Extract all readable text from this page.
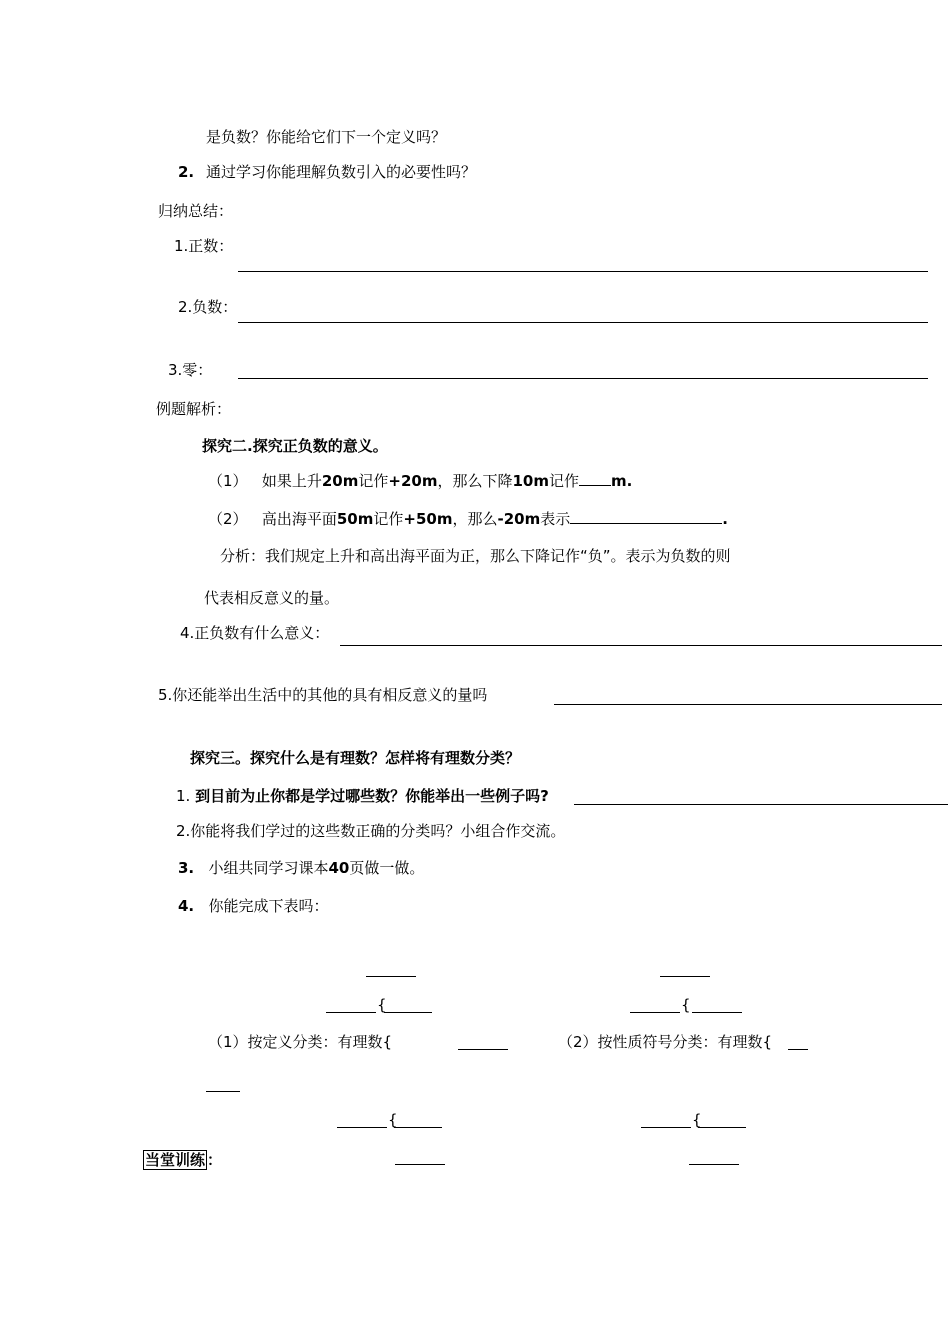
是负数？你能给它们下一个定义吗？
2. 通过学习你能理解负数引入的必要性吗？
归纳总结：
1.正数：
2.负数：
3.零：
例题解析：
探究二.探究正负数的意义。
（1） 如果上升20m记作+20m，那么下降10m记作 m.
（2） 高出海平面50m记作+50m，那么-20m表示	.
分析：我们规定上升和高出海平面为正，那么下降记作“负”。表示为负数的则
代表相反意义的量。
4.正负数有什么意义：
5.你还能举出生活中的其他的具有相反意义的量吗
探究三。探究什么是有理数？怎样将有理数分类？
1. 到目前为止你都是学过哪些数？你能举出一些例子吗?
2.你能将我们学过的这些数正确的分类吗？小组合作交流。
3. 小组共同学习课本40页做一做。
4. 你能完成下表吗：
{
（1）按定义分类：有理数{
{
{
（2）按性质符号分类：有理数{
{
当堂训练 ：
